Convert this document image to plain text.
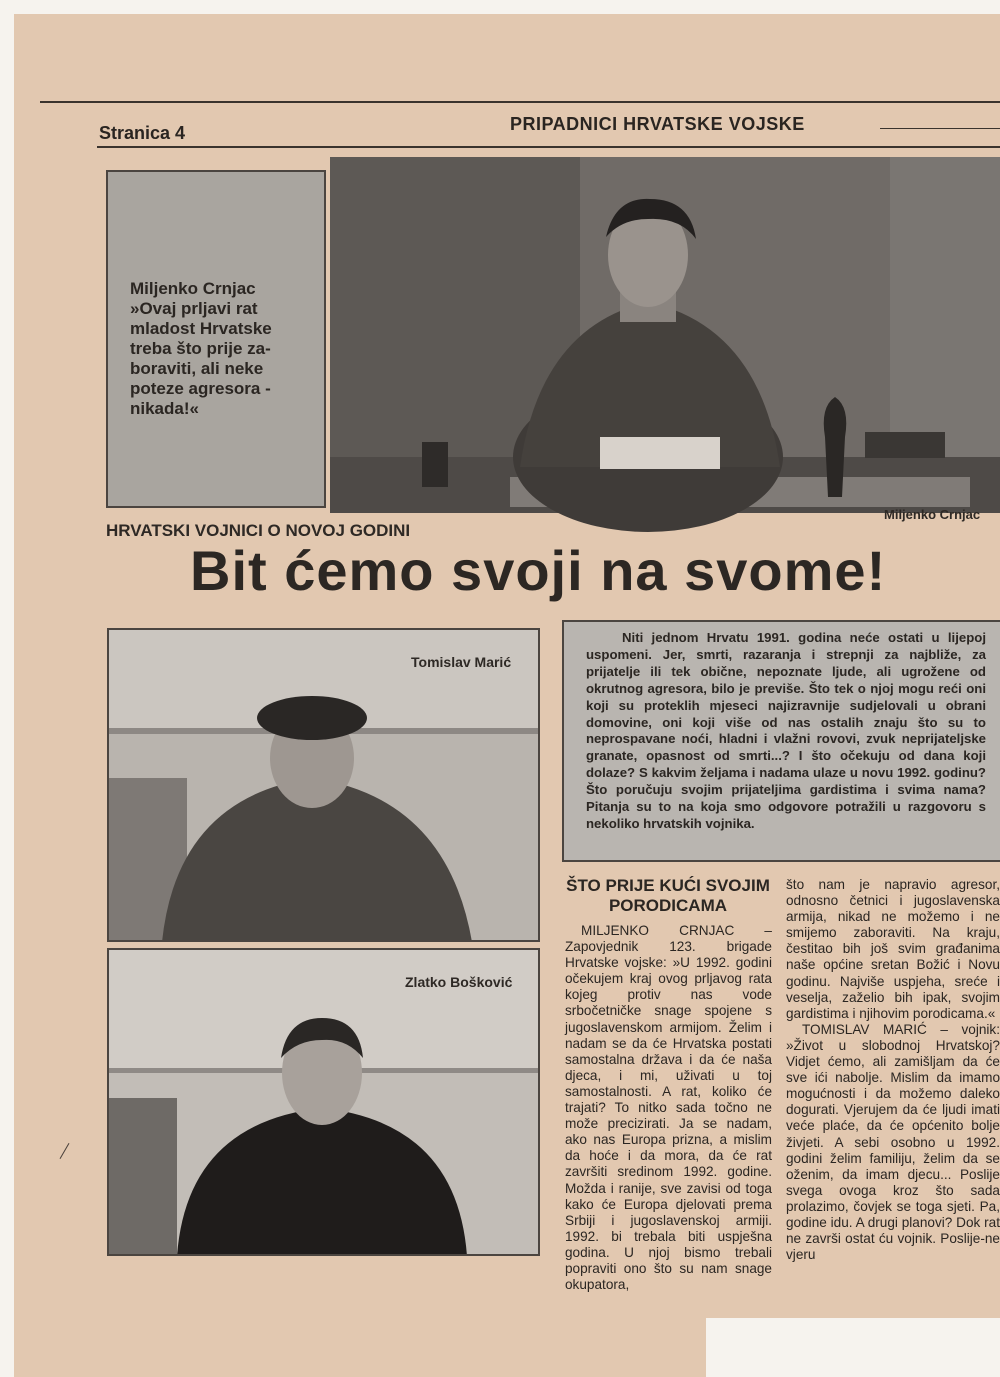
Stranica 4	PRIPADNICI HRVATSKE VOJSKE
Miljenko Crnjac
»Ovaj prljavi rat
mladost Hrvatske
treba što prije za-
boraviti, ali neke
poteze agresora -
nikada!«
Miljenko Crnjac
HRVATSKI VOJNICI O NOVOJ GODINI
Bit ćemo svoji na svome!
Tomislav Marić
Zlatko Bošković
Niti jednom Hrvatu 1991. godina neće ostati u lijepoj uspomeni. Jer, smrti, razaranja i strepnji za najbliže, za prijatelje ili tek obične, nepoznate ljude, ali ugrožene od okrutnog agresora, bilo je previše. Što tek o njoj mogu reći oni koji su proteklih mjeseci najizravnije sudjelovali u obrani domovine, oni koji više od nas ostalih znaju što su to neprospavane noći, hladni i vlažni rovovi, zvuk neprijateljske granate, opasnost od smrti...? I što očekuju od dana koji dolaze? S kakvim željama i nadama ulaze u novu 1992. godinu? Što poručuju svojim prijateljima gardistima i svima nama? Pitanja su to na koja smo odgovore potražili u razgovoru s nekoliko hrvatskih vojnika.
ŠTO PRIJE KUĆI SVOJIM PORODICAMA

MILJENKO CRNJAC – Zapovjednik 123. brigade Hrvatske vojske: »U 1992. godini očekujem kraj ovog prljavog rata kojeg protiv nas vode srbočetničke snage spojene s jugoslavenskom armijom. Želim i nadam se da će Hrvatska postati samostalna država i da će naša djeca, i mi, uživati u toj samostalnosti. A rat, koliko će trajati? To nitko sada točno ne može precizirati. Ja se nadam, ako nas Europa prizna, a mislim da hoće i da mora, da će rat završiti sredinom 1992. godine. Možda i ranije, sve zavisi od toga kako će Europa djelovati prema Srbiji i jugoslavenskoj armiji. 1992. bi trebala biti uspješna godina. U njoj bismo trebali popraviti ono što su nam snage okupatora,

što nam je napravio agresor, odnosno četnici i jugoslavenska armija, nikad ne možemo i ne smijemo zaboraviti. Na kraju, čestitao bih još svim građanima naše općine sretan Božić i Novu godinu. Najviše uspjeha, sreće i veselja, zaželio bih ipak, svojim gardistima i njihovim porodicama.«

TOMISLAV MARIĆ – vojnik: »Život u slobodnoj Hrvatskoj? Vidjet ćemo, ali zamišljam da će sve ići nabolje. Mislim da imamo mogućnosti i da možemo daleko dogurati. Vjerujem da će ljudi imati veće plaće, da će općenito bolje živjeti. A sebi osobno u 1992. godini želim familiju, želim da se oženim, da imam djecu... Poslije svega ovoga kroz što sada prolazimo, čovjek se toga sjeti. Pa, godine idu. A drugi planovi? Dok rat ne završi ostat ću vojnik. Poslije-ne vjeru
